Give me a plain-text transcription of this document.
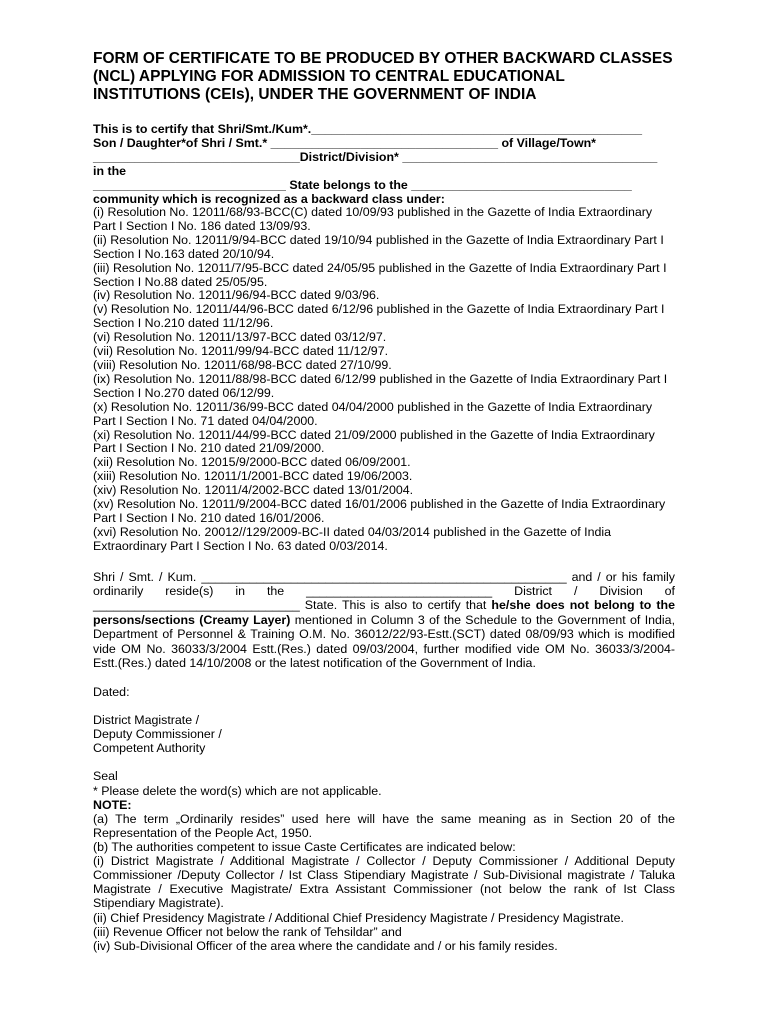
FORM OF CERTIFICATE TO BE PRODUCED BY OTHER BACKWARD CLASSES (NCL) APPLYING FOR ADMISSION TO CENTRAL EDUCATIONAL INSTITUTIONS (CEIs), UNDER THE GOVERNMENT OF INDIA
This is to certify that Shri/Smt./Kum*.________________________________________________
Son / Daughter*of Shri / Smt.* _________________________________ of Village/Town*
______________________________District/Division* _____________________________________
in the
____________________________ State belongs to the ________________________________
community which is recognized as a backward class under:
(i) Resolution No. 12011/68/93-BCC(C) dated 10/09/93 published in the Gazette of India Extraordinary Part I Section I No. 186 dated 13/09/93.
(ii) Resolution No. 12011/9/94-BCC dated 19/10/94 published in the Gazette of India Extraordinary Part I Section I No.163 dated 20/10/94.
(iii) Resolution No. 12011/7/95-BCC dated 24/05/95 published in the Gazette of India Extraordinary Part I Section I No.88 dated 25/05/95.
(iv) Resolution No. 12011/96/94-BCC dated 9/03/96.
(v) Resolution No. 12011/44/96-BCC dated 6/12/96 published in the Gazette of India Extraordinary Part I Section I No.210 dated 11/12/96.
(vi) Resolution No. 12011/13/97-BCC dated 03/12/97.
(vii) Resolution No. 12011/99/94-BCC dated 11/12/97.
(viii) Resolution No. 12011/68/98-BCC dated 27/10/99.
(ix) Resolution No. 12011/88/98-BCC dated 6/12/99 published in the Gazette of India Extraordinary Part I Section I No.270 dated 06/12/99.
(x) Resolution No. 12011/36/99-BCC dated 04/04/2000 published in the Gazette of India Extraordinary Part I Section I No. 71 dated 04/04/2000.
(xi) Resolution No. 12011/44/99-BCC dated 21/09/2000 published in the Gazette of India Extraordinary Part I Section I No. 210 dated 21/09/2000.
(xii) Resolution No. 12015/9/2000-BCC dated 06/09/2001.
(xiii) Resolution No. 12011/1/2001-BCC dated 19/06/2003.
(xiv) Resolution No. 12011/4/2002-BCC dated 13/01/2004.
(xv) Resolution No. 12011/9/2004-BCC dated 16/01/2006 published in the Gazette of India Extraordinary Part I Section I No. 210 dated 16/01/2006.
(xvi) Resolution No. 20012//129/2009-BC-II dated 04/03/2014 published in the Gazette of India Extraordinary Part I Section I No. 63 dated 0/03/2014.
Shri / Smt. / Kum. _____________________________________________________ and / or his family ordinarily reside(s) in the ___________________________ District / Division of ______________________________ State. This is also to certify that he/she does not belong to the persons/sections (Creamy Layer) mentioned in Column 3 of the Schedule to the Government of India, Department of Personnel & Training O.M. No. 36012/22/93-Estt.(SCT) dated 08/09/93 which is modified vide OM No. 36033/3/2004 Estt.(Res.) dated 09/03/2004, further modified vide OM No. 36033/3/2004-Estt.(Res.) dated 14/10/2008 or the latest notification of the Government of India.
Dated:
District Magistrate /
Deputy Commissioner /
Competent Authority
Seal
* Please delete the word(s) which are not applicable.
NOTE:
(a) The term „Ordinarily resides” used here will have the same meaning as in Section 20 of the Representation of the People Act, 1950.
(b) The authorities competent to issue Caste Certificates are indicated below:
(i) District Magistrate / Additional Magistrate / Collector / Deputy Commissioner / Additional Deputy Commissioner /Deputy Collector / Ist Class Stipendiary Magistrate / Sub-Divisional magistrate / Taluka Magistrate / Executive Magistrate/ Extra Assistant Commissioner (not below the rank of Ist Class Stipendiary Magistrate).
(ii) Chief Presidency Magistrate / Additional Chief Presidency Magistrate / Presidency Magistrate.
(iii) Revenue Officer not below the rank of Tehsildar” and
(iv) Sub-Divisional Officer of the area where the candidate and / or his family resides.
